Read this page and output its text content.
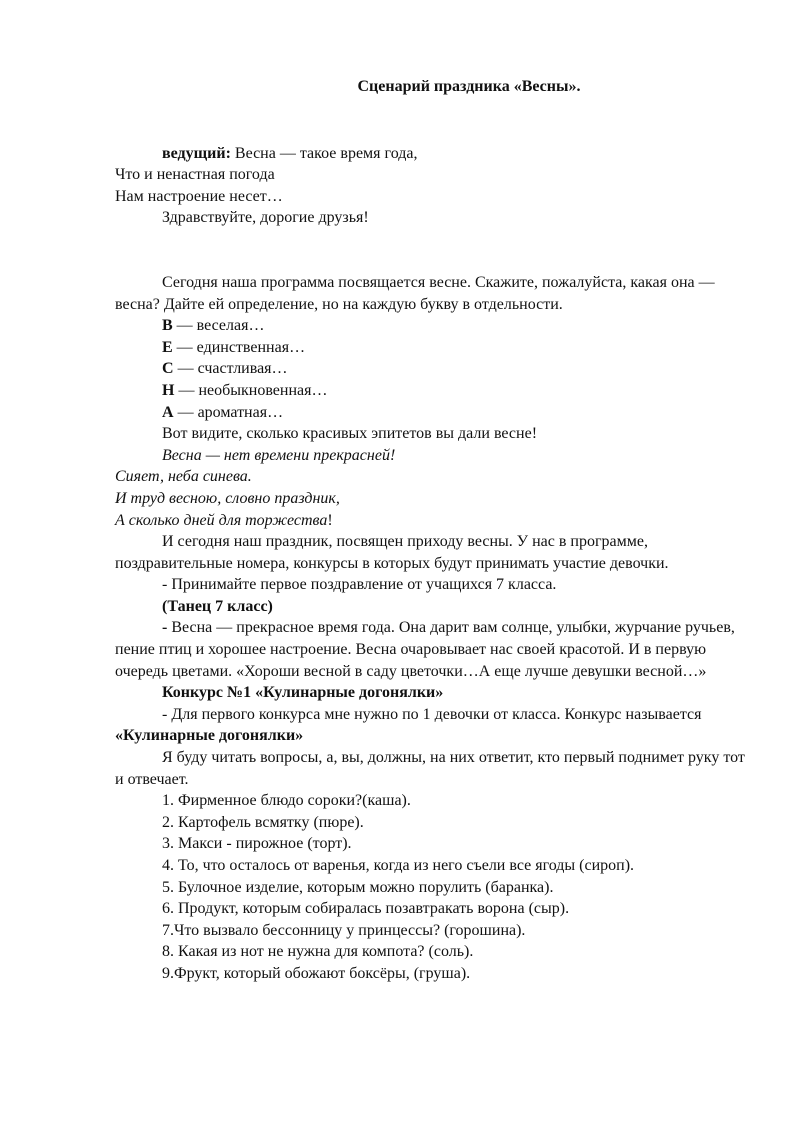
Сценарий праздника «Весны».

ведущий: Весна — такое время года,

Что и ненастная погода

Нам настроение несет…

Здравствуйте, дорогие друзья!

Сегодня наша программа посвящается весне. Скажите, пожалуйста, какая она — весна? Дайте ей определение, но на каждую букву в отдельности.

В — веселая…

Е — единственная…

С — счастливая…

Н — необыкновенная…

А — ароматная…

Вот видите, сколько красивых эпитетов вы дали весне!

Весна — нет времени прекрасней!

Сияет, неба синева.

И труд весною, словно праздник,

А сколько дней для торжества!

И сегодня наш праздник, посвящен приходу весны. У нас в программе, поздравительные номера, конкурсы в которых будут принимать участие девочки.

- Принимайте первое поздравление от учащихся 7 класса.

(Танец 7 класс)

- Весна — прекрасное время года. Она дарит вам солнце, улыбки, журчание ручьев, пение птиц и хорошее настроение. Весна очаровывает нас своей красотой. И в первую очередь цветами. «Хороши весной в саду цветочки…А еще лучше девушки весной…»

Конкурс №1 «Кулинарные догонялки»

- Для первого конкурса мне нужно по 1 девочки от класса. Конкурс называется «Кулинарные догонялки»

Я буду читать вопросы, а, вы, должны, на них ответит, кто первый поднимет руку тот и отвечает.

1. Фирменное блюдо сороки?(каша).

2. Картофель всмятку (пюре).

3. Макси - пирожное (торт).

4. То, что осталось от варенья, когда из него съели все ягоды (сироп).

5. Булочное изделие, которым можно порулить (баранка).

6. Продукт, которым собиралась позавтракать ворона (сыр).

7.Что вызвало бессонницу у принцессы? (горошина).

8. Какая из нот не нужна для компота? (соль).

9.Фрукт, который обожают боксёры, (груша).
